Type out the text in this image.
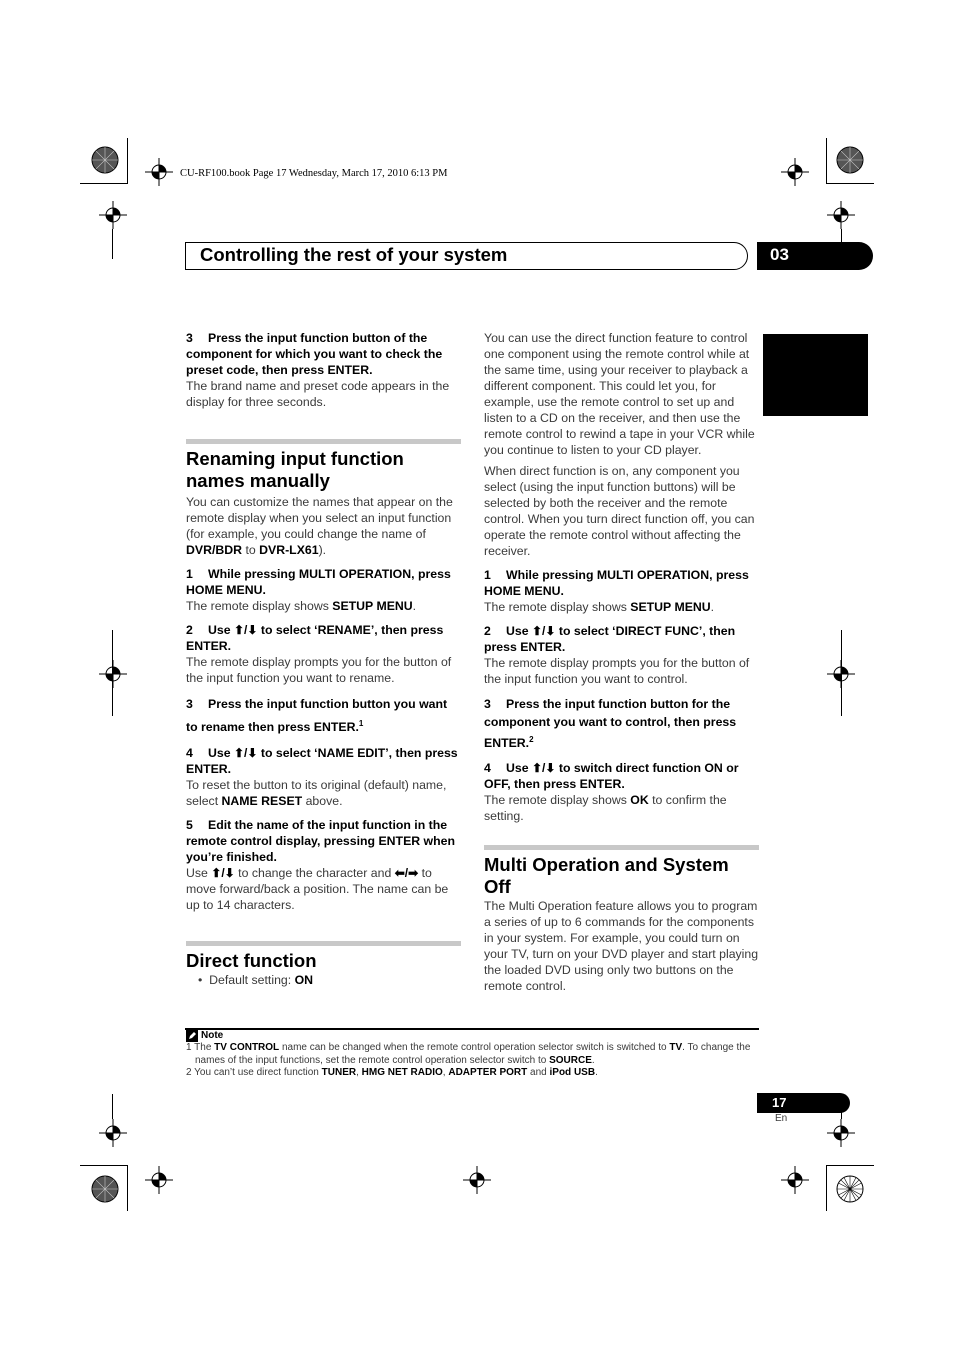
CU-RF100.book Page 17 Wednesday, March 17, 2010 6:13 PM
Controlling the rest of your system	03
English

3 Press the input function button of the component for which you want to check the preset code, then press ENTER.

The brand name and preset code appears in the display for three seconds.

Renaming input function names manually

You can customize the names that appear on the remote display when you select an input function (for example, you could change the name of DVR/BDR to DVR-LX61).

1 While pressing MULTI OPERATION, press HOME MENU.

The remote display shows SETUP MENU.

2 Use ⬆/⬇ to select ‘RENAME’, then press ENTER.

The remote display prompts you for the button of the input function you want to rename.

3 Press the input function button you want to rename then press ENTER.$^1$

4 Use ⬆/⬇ to select ‘NAME EDIT’, then press ENTER.

To reset the button to its original (default) name, select NAME RESET above.

5 Edit the name of the input function in the remote control display, pressing ENTER when you’re finished.

Use ⬆/⬇ to change the character and ⬅/➡ to move forward/back a position. The name can be up to 14 characters.

Direct function

•  Default setting: ON

You can use the direct function feature to control one component using the remote control while at the same time, using your receiver to playback a different component. This could let you, for example, use the remote control to set up and listen to a CD on the receiver, and then use the remote control to rewind a tape in your VCR while you continue to listen to your CD player.

When direct function is on, any component you select (using the input function buttons) will be selected by both the receiver and the remote control. When you turn direct function off, you can operate the remote control without affecting the receiver.

1 While pressing MULTI OPERATION, press HOME MENU.

The remote display shows SETUP MENU.

2 Use ⬆/⬇ to select ‘DIRECT FUNC’, then press ENTER.

The remote display prompts you for the button of the input function you want to control.

3 Press the input function button for the component you want to control, then press ENTER.$^2$

4 Use ⬆/⬇ to switch direct function ON or OFF, then press ENTER.

The remote display shows OK to confirm the setting.

Multi Operation and System Off

The Multi Operation feature allows you to program a series of up to 6 commands for the components in your system. For example, you could turn on your TV, turn on your DVD player and start playing the loaded DVD using only two buttons on the remote control.

Note

1 The TV CONTROL name can be changed when the remote control operation selector switch is switched to TV. To change the names of the input functions, set the remote control operation selector switch to SOURCE.

2 You can’t use direct function TUNER, HMG NET RADIO, ADAPTER PORT and iPod USB.

17
En
